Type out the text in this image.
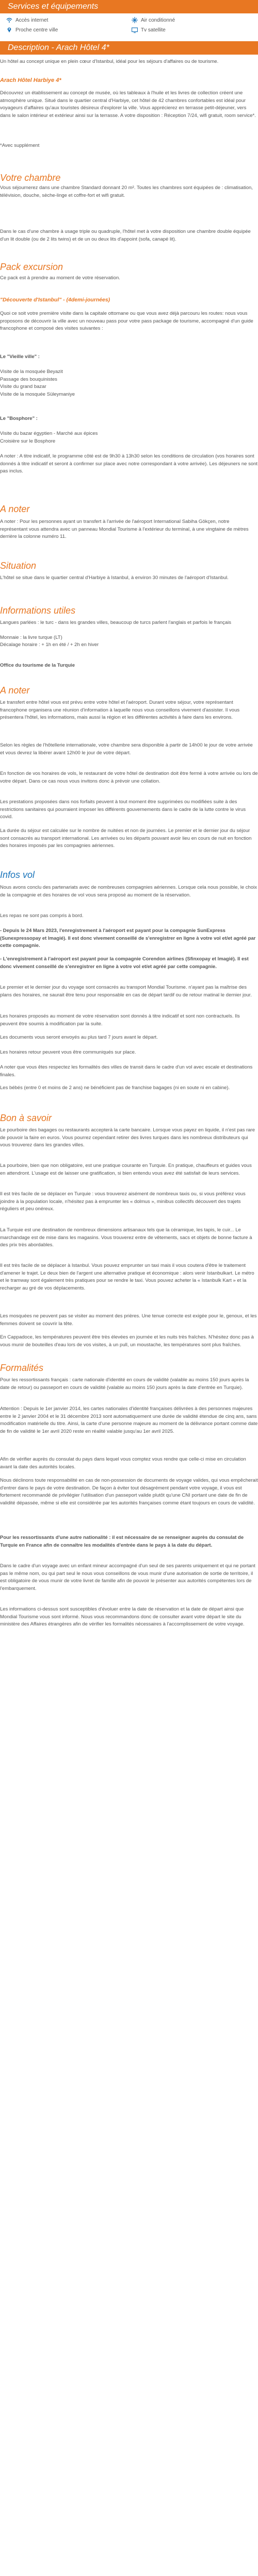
Services et équipements
Accès internet	Air conditionné
Proche centre ville	Tv satellite
Description - Arach Hôtel 4*

Un hôtel au concept unique en plein cœur d'Istanbul, idéal pour les séjours d'affaires ou de tourisme.

Arach Hôtel Harbiye 4*

Découvrez un établissement au concept de musée, où les tableaux à l'huile et les livres de collection créent une atmosphère unique. Situé dans le quartier central d'Harbiye, cet hôtel de 42 chambres confortables est idéal pour voyageurs d'affaires qu'aux touristes désireux d'explorer la ville. Vous apprécierez en terrasse petit-déjeuner, vers dans le salon intérieur et extérieur ainsi sur la terrasse. A votre disposition : Réception 7/24, wifi gratuit, room service*.

*Avec supplément

Votre chambre

Vous séjournerez dans une chambre Standard donnant 20 m². Toutes les chambres sont équipées de : climatisation, télévision, douche, sèche-linge et coffre-fort et wifi gratuit.

Dans le cas d'une chambre à usage triple ou quadruple, l'hôtel met à votre disposition une chambre double équipée d'un lit double (ou de 2 lits twins) et de un ou deux lits d'appoint (sofa, canapé lit).

Pack excursion

Ce pack est à prendre au moment de votre réservation.

"Découverte d'Istanbul" - (4demi-journées)

Quoi ce soit votre première visite dans la capitale ottomane ou que vous avez déjà parcouru les routes: nous vous proposons de découvrir la ville avec un nouveau pass pour votre pass package de tourisme, accompagné d'un guide francophone et composé des visites suivantes :

Le "Vieille ville" :

Visite de la mosquée Beyazit
Passage des bouquinistes
Visite du grand bazar
Visite de la mosquée Süleymaniye

Le "Bosphore" :

Visite du bazar égyptien - Marché aux épices
Croisière sur le Bosphore

A noter : A titre indicatif, le programme côté est de 9h30 à 13h30 selon les conditions de circulation (vos horaires sont donnés à titre indicatif et seront à confirmer sur place avec notre correspondant à votre arrivée). Les déjeuners ne sont pas inclus.

A noter

A noter : Pour les personnes ayant un transfert à l'arrivée de l'aéroport International Sabiha Gökçen, notre représentant vous attendra avec un panneau Mondial Tourisme à l'extérieur du terminal, à une vingtaine de mètres derrière la colonne numéro 11.

Situation

L'hôtel se situe dans le quartier central d'Harbiye à Istanbul, à environ 30 minutes de l'aéroport d'Istanbul.

Informations utiles

Langues parlées : le turc - dans les grandes villes, beaucoup de turcs parlent l'anglais et parfois le français

Monnaie : la livre turque (LT)

Décalage horaire : + 1h en été / + 2h en hiver

Office du tourisme de la Turquie

A noter

Le transfert entre hôtel vous est prévu entre votre hôtel et l'aéroport. Durant votre séjour, votre représentant francophone organisera une réunion d'information à laquelle nous vous conseillons vivement d'assister. Il vous présentera l'hôtel, les informations, mais aussi la région et les différentes activités à faire dans les environs.

Selon les règles de l'hôtellerie internationale, votre chambre sera disponible à partir de 14h00 le jour de votre arrivée et vous devrez la libérer avant 12h00 le jour de votre départ.

En fonction de vos horaires de vols, le restaurant de votre hôtel de destination doit être fermé à votre arrivée ou lors de votre départ. Dans ce cas nous vous invitons donc à prévoir une collation.

Les prestations proposées dans nos forfaits peuvent à tout moment être supprimées ou modifiées suite à des restrictions sanitaires qui pourraient imposer les différents gouvernements dans le cadre de la lutte contre le virus covid.

La durée du séjour est calculée sur le nombre de nuitées et non de journées. Le premier et le dernier jour du séjour sont consacrés au transport international. Les arrivées ou les départs pouvant avoir lieu en cours de nuit en fonction des horaires imposés par les compagnies aériennes.

Infos vol

Nous avons conclu des partenariats avec de nombreuses compagnies aériennes. Lorsque cela nous possible, le choix de la compagnie et des horaires de vol vous sera proposé au moment de la réservation.

Les repas ne sont pas compris à bord.

- Depuis le 24 Mars 2023, l'enregistrement à l'aéroport est payant pour la compagnie SunExpress (Sunexpressopay et lmagié). Il est donc vivement conseillé de s'enregistrer en ligne à votre vol et/et agréé par cette compagnie.

- L'enregistrement à l'aéroport est payant pour la compagnie Corendon airlines (Sfinxopay et lmagié). Il est donc vivement conseillé de s'enregistrer en ligne à votre vol et/et agréé par cette compagnie.

Le premier et le dernier jour du voyage sont consacrés au transport Mondial Tourisme. n'ayant pas la maîtrise des plans des horaires, ne saurait être tenu pour responsable en cas de départ tardif ou de retour matinal le dernier jour.

Les horaires proposés au moment de votre réservation sont donnés à titre indicatif et sont non contractuels. Ils peuvent être soumis à modification par la suite.

Les documents vous seront envoyés au plus tard 7 jours avant le départ.

Les horaires retour peuvent vous être communiqués sur place.

A noter que vous êtes respectez les formalités des villes de transit dans le cadre d'un vol avec escale et destinations finales.

Les bébés (entre 0 et moins de 2 ans) ne bénéficient pas de franchise bagages (ni en soute ni en cabine).

Bon à savoir

Le pourboire des bagages ou restaurants accepterà la carte bancaire. Lorsque vous payez en liquide, il n'est pas rare de pouvoir la faire en euros. Vous pourrez cependant retirer des livres turques dans les nombreux distributeurs qui vous trouverez dans les grandes villes.

La pourboire, bien que non obligatoire, est une pratique courante en Turquie. En pratique, chauffeurs et guides vous en attendront. L'usage est de laisser une gratification, si bien entendu vous avez été satisfait de leurs services.

Il est très facile de se déplacer en Turquie : vous trouverez aisément de nombreux taxis ou, si vous préférez vous joindre à la population locale, n'hésitez pas à emprunter les « dolmus », minibus collectifs découvert des trajets réguliers et peu onéreux.

La Turquie est une destination de nombreux dimensions artisanaux tels que la céramique, les tapis, le cuir... Le marchandage est de mise dans les magasins. Vous trouverez entre de vêtements, sacs et objets de bonne facture à des prix très abordables.

Il est très facile de se déplacer à Istanbul. Vous pouvez emprunter un taxi mais il vous coutera d'être le traitement d'amener le trajet. Le deux bien de l'argent une alternative pratique et économique : alors venir Istanbulkart. Le métro et le tramway sont également très pratiques pour se rendre le taxi. Vous pouvez acheter la « Istanbulk Kart » et la recharger au gré de vos déplacements.

Les mosquées ne peuvent pas se visiter au moment des prières. Une tenue correcte est exigée pour le, genoux, et les femmes doivent se couvrir la tête.

En Cappadoce, les températures peuvent être très élevées en journée et les nuits très fraîches. N'hésitez donc pas à vous munir de bouteilles d'eau lors de vos visites, à un pull, un moustache, les températures sont plus fraîches.

Formalités

Pour les ressortissants français : carte nationale d'identité en cours de validité (valable au moins 150 jours après la date de retour) ou passeport en cours de validité (valable au moins 150 jours après la date d'entrée en Turquie).

Attention : Depuis le 1er janvier 2014, les cartes nationales d'identité françaises délivrées à des personnes majeures entre le 2 janvier 2004 et le 31 décembre 2013 sont automatiquement une durée de validité étendue de cinq ans, sans modification matérielle du titre. Ainsi, la carte d'une personne majeure au moment de la délivrance portant comme date de fin de validité le 1er avril 2020 reste en réalité valable jusqu'au 1er avril 2025.

Afin de vérifier auprès du consulat du pays dans lequel vous comptez vous rendre que celle-ci mise en circulation avant la date des autorités locales.

Nous déclinons toute responsabilité en cas de non-possession de documents de voyage valides, qui vous empêcherait d'entrer dans le pays de votre destination. De façon à éviter tout désagrément pendant votre voyage, il vous est fortement recommandé de privilégier l'utilisation d'un passeport valide plutôt qu'une CNI portant une date de fin de validité dépassée, même si elle est considérée par les autorités françaises comme étant toujours en cours de validité.

Pour les ressortissants d'une autre nationalité : il est nécessaire de se renseigner auprès du consulat de Turquie en France afin de connaître les modalités d'entrée dans le pays à la date du départ.

Dans le cadre d'un voyage avec un enfant mineur accompagné d'un seul de ses parents uniquement et qui ne portant pas le même nom, ou qui part seul le nous vous conseillons de vous munir d'une autorisation de sortie de territoire, il est obligatoire de vous munir de votre livret de famille afin de pouvoir le présenter aux autorités compétentes lors de l'embarquement.

Les informations ci-dessus sont susceptibles d'évoluer entre la date de réservation et la date de départ ainsi que Mondial Tourisme vous sont informé. Nous vous recommandons donc de consulter avant votre départ le site du ministère des Affaires étrangères afin de vérifier les formalités nécessaires à l'accomplissement de votre voyage.
